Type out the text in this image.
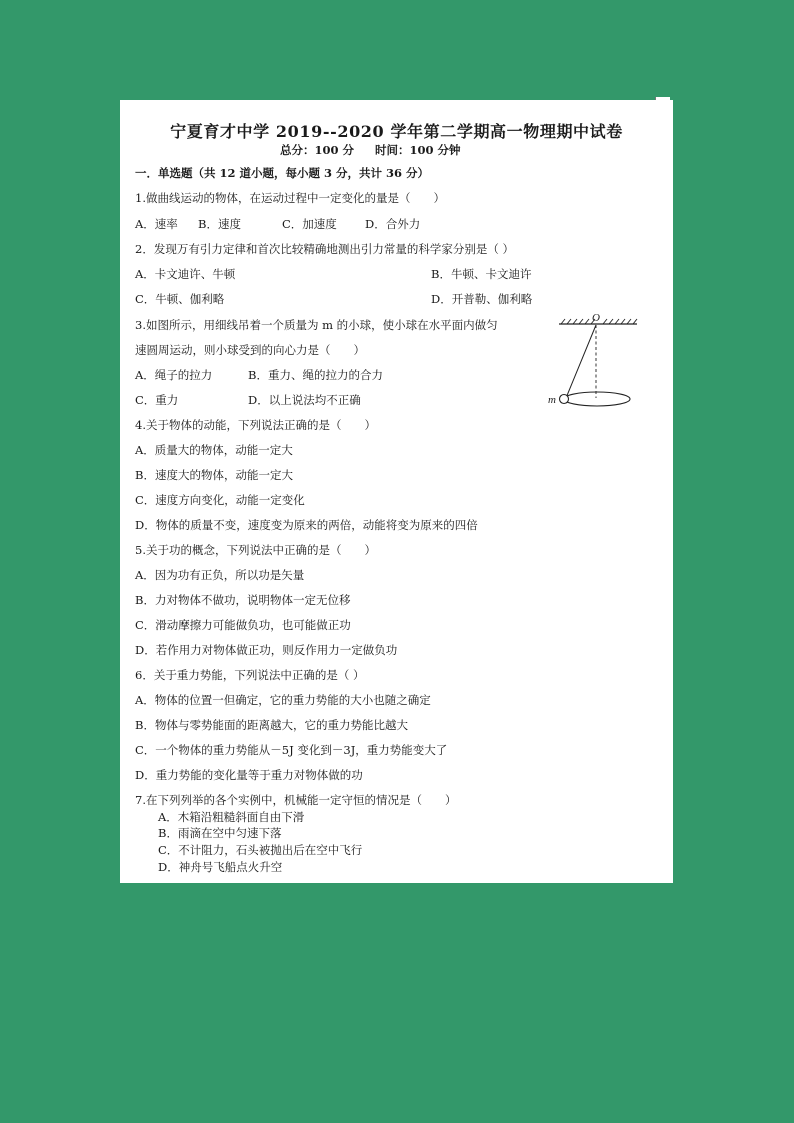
宁夏育才中学 2019--2020 学年第二学期高一物理期中试卷
总分：100 分 时间：100 分钟
一．单选题（共 12 道小题，每小题 3 分，共计 36 分）
1.做曲线运动的物体，在运动过程中一定变化的量是（　　）
A．速率 B．速度	C．加速度 D．合外力
2．发现万有引力定律和首次比较精确地测出引力常量的科学家分别是（ ）
A．卡文迪许、牛顿	B．牛顿、卡文迪许
C．牛顿、伽利略	D．开普勒、伽利略
3.如图所示，用细线吊着一个质量为 m 的小球，使小球在水平面内做匀
速圆周运动，则小球受到的向心力是（　　）
A．绳子的拉力	B．重力、绳的拉力的合力
C．重力	D．以上说法均不正确
O
m
4.关于物体的动能，下列说法正确的是（　　）
A．质量大的物体，动能一定大
B．速度大的物体，动能一定大
C．速度方向变化，动能一定变化
D．物体的质量不变，速度变为原来的两倍，动能将变为原来的四倍
5.关于功的概念，下列说法中正确的是（　　）
A．因为功有正负，所以功是矢量
B．力对物体不做功，说明物体一定无位移
C．滑动摩擦力可能做负功，也可能做正功
D．若作用力对物体做正功，则反作用力一定做负功
6．关于重力势能，下列说法中正确的是（ ）
A．物体的位置一但确定，它的重力势能的大小也随之确定
B．物体与零势能面的距离越大，它的重力势能比越大
C．一个物体的重力势能从－5J 变化到－3J，重力势能变大了
D．重力势能的变化量等于重力对物体做的功
7.在下列列举的各个实例中，机械能一定守恒的情况是（　　）
A．木箱沿粗糙斜面自由下滑
B．雨滴在空中匀速下落
C．不计阻力，石头被抛出后在空中飞行
D．神舟号飞船点火升空
